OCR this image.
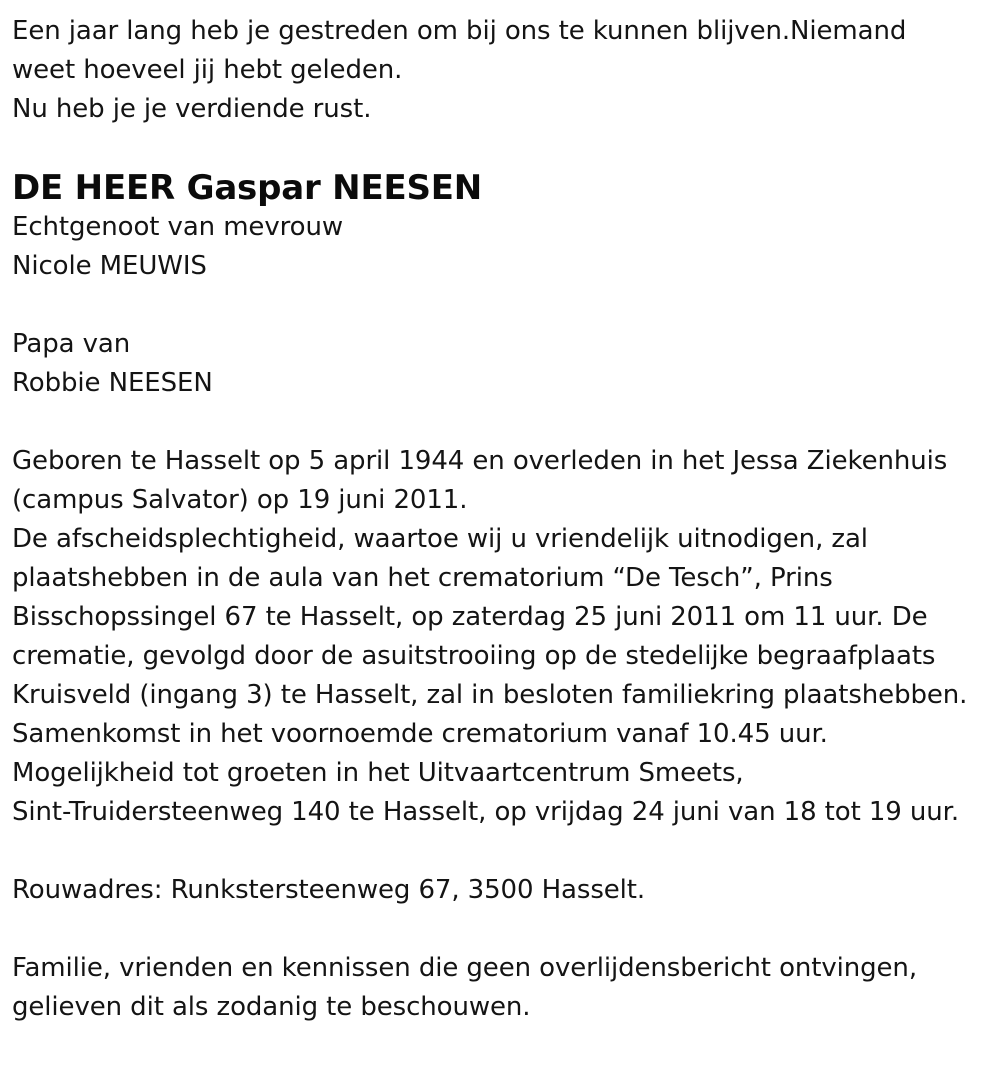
Een jaar lang heb je gestreden om bij ons te kunnen blijven.Niemand
weet hoeveel jij hebt geleden.
Nu heb je je verdiende rust.

DE HEER Gaspar NEESEN

Echtgenoot van mevrouw
Nicole MEUWIS

Papa van
Robbie NEESEN

Geboren te Hasselt op 5 april 1944 en overleden in het Jessa Ziekenhuis
(campus Salvator) op 19 juni 2011.
De afscheidsplechtigheid, waartoe wij u vriendelijk uitnodigen, zal
plaatshebben in de aula van het crematorium “De Tesch”, Prins
Bisschopssingel 67 te Hasselt, op zaterdag 25 juni 2011 om 11 uur. De
crematie, gevolgd door de asuitstrooiing op de stedelijke begraafplaats
Kruisveld (ingang 3) te Hasselt, zal in besloten familiekring plaatshebben.
Samenkomst in het voornoemde crematorium vanaf 10.45 uur.
Mogelijkheid tot groeten in het Uitvaartcentrum Smeets,
Sint-Truidersteenweg 140 te Hasselt, op vrijdag 24 juni van 18 tot 19 uur.

Rouwadres: Runkstersteenweg 67, 3500 Hasselt.

Familie, vrienden en kennissen die geen overlijdensbericht ontvingen,
gelieven dit als zodanig te beschouwen.
